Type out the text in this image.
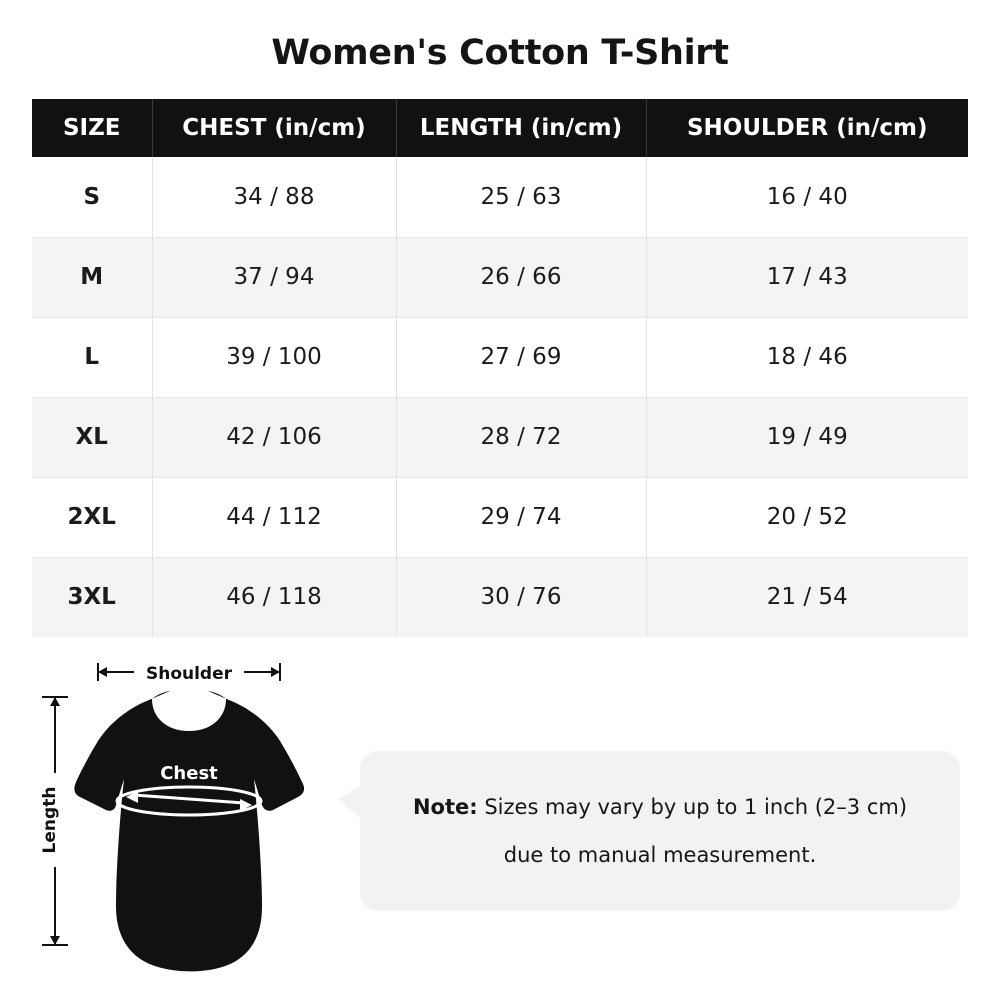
Women's Cotton T-Shirt
SIZE	CHEST (in/cm)	LENGTH (in/cm)	SHOULDER (in/cm)
S	34 / 88	25 / 63	16 / 40
M	37 / 94	26 / 66	17 / 43
L	39 / 100	27 / 69	18 / 46
XL	42 / 106	28 / 72	19 / 49
2XL	44 / 112	29 / 74	20 / 52
3XL	46 / 118	30 / 76	21 / 54
Shoulder
Length
Chest
Note: Sizes may vary by up to 1 inch (2–3 cm)
due to manual measurement.
